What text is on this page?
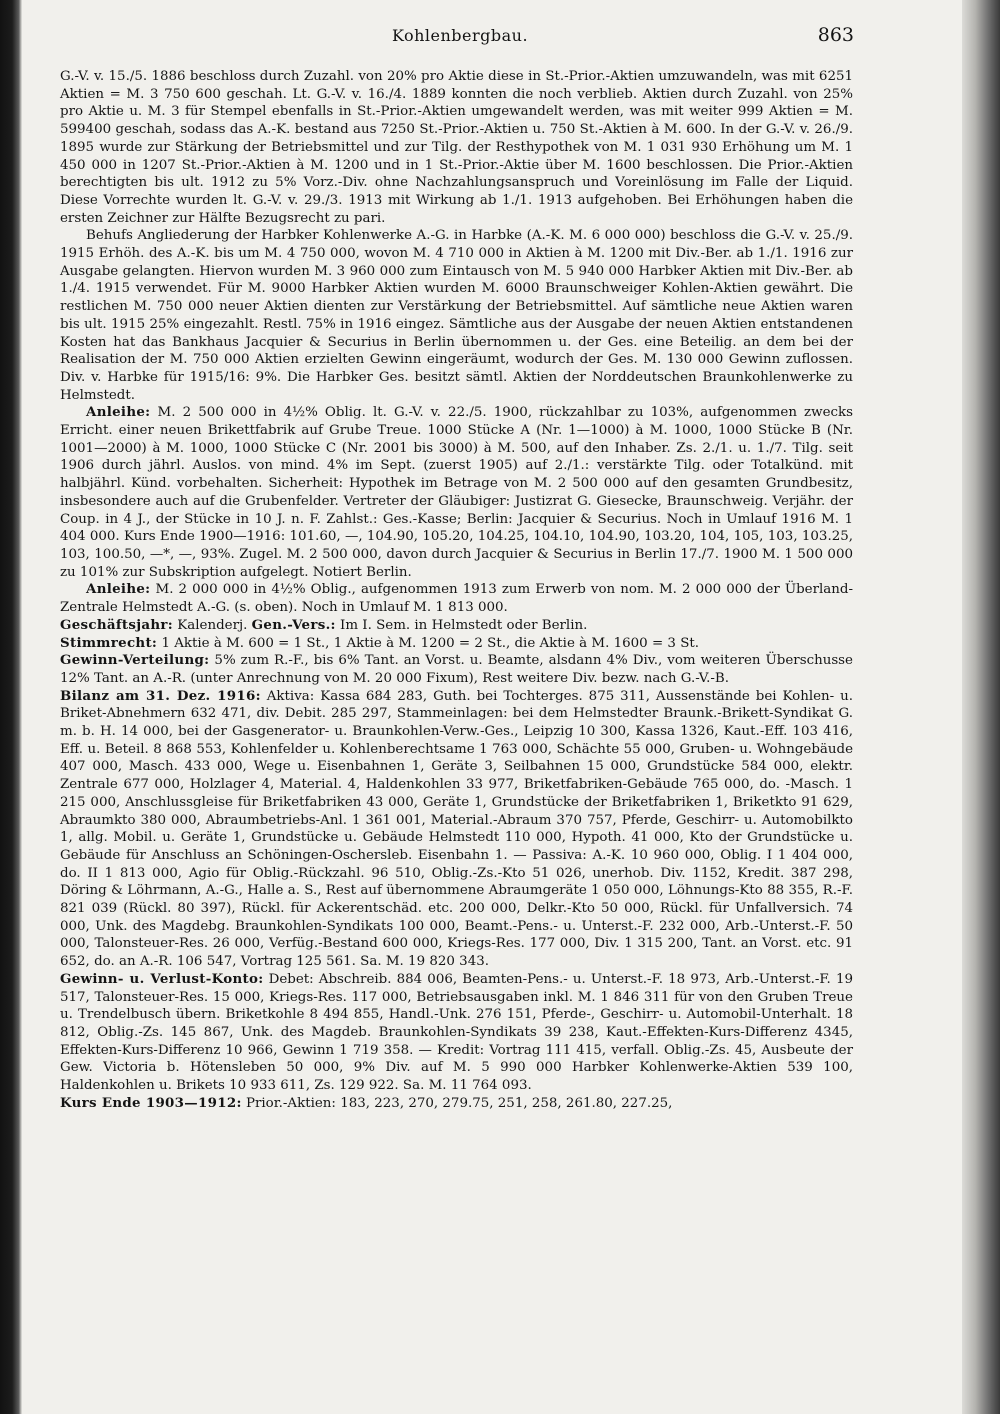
Kohlenbergbau.	863

G.-V. v. 15./5. 1886 beschloss durch Zuzahl. von 20% pro Aktie diese in St.-Prior.-Aktien umzuwandeln, was mit 6251 Aktien = M. 3 750 600 geschah. Lt. G.-V. v. 16./4. 1889 konnten die noch verblieb. Aktien durch Zuzahl. von 25% pro Aktie u. M. 3 für Stempel ebenfalls in St.-Prior.-Aktien umgewandelt werden, was mit weiter 999 Aktien = M. 599400 geschah, sodass das A.-K. bestand aus 7250 St.-Prior.-Aktien u. 750 St.-Aktien à M. 600. In der G.-V. v. 26./9. 1895 wurde zur Stärkung der Betriebsmittel und zur Tilg. der Resthypothek von M. 1 031 930 Erhöhung um M. 1 450 000 in 1207 St.-Prior.-Aktien à M. 1200 und in 1 St.-Prior.-Aktie über M. 1600 beschlossen. Die Prior.-Aktien berechtigten bis ult. 1912 zu 5% Vorz.-Div. ohne Nachzahlungsanspruch und Voreinlösung im Falle der Liquid. Diese Vorrechte wurden lt. G.-V. v. 29./3. 1913 mit Wirkung ab 1./1. 1913 aufgehoben. Bei Erhöhungen haben die ersten Zeichner zur Hälfte Bezugsrecht zu pari.

Behufs Angliederung der Harbker Kohlenwerke A.-G. in Harbke (A.-K. M. 6 000 000) beschloss die G.-V. v. 25./9. 1915 Erhöh. des A.-K. bis um M. 4 750 000, wovon M. 4 710 000 in Aktien à M. 1200 mit Div.-Ber. ab 1./1. 1916 zur Ausgabe gelangten. Hiervon wurden M. 3 960 000 zum Eintausch von M. 5 940 000 Harbker Aktien mit Div.-Ber. ab 1./4. 1915 verwendet. Für M. 9000 Harbker Aktien wurden M. 6000 Braunschweiger Kohlen-Aktien gewährt. Die restlichen M. 750 000 neuer Aktien dienten zur Verstärkung der Betriebsmittel. Auf sämtliche neue Aktien waren bis ult. 1915 25% eingezahlt. Restl. 75% in 1916 eingez. Sämtliche aus der Ausgabe der neuen Aktien entstandenen Kosten hat das Bankhaus Jacquier & Securius in Berlin übernommen u. der Ges. eine Beteilig. an dem bei der Realisation der M. 750 000 Aktien erzielten Gewinn eingeräumt, wodurch der Ges. M. 130 000 Gewinn zuflossen. Div. v. Harbke für 1915/16: 9%. Die Harbker Ges. besitzt sämtl. Aktien der Norddeutschen Braunkohlenwerke zu Helmstedt.

Anleihe: M. 2 500 000 in 4½% Oblig. lt. G.-V. v. 22./5. 1900, rückzahlbar zu 103%, aufgenommen zwecks Erricht. einer neuen Brikettfabrik auf Grube Treue. 1000 Stücke A (Nr. 1—1000) à M. 1000, 1000 Stücke B (Nr. 1001—2000) à M. 1000, 1000 Stücke C (Nr. 2001 bis 3000) à M. 500, auf den Inhaber. Zs. 2./1. u. 1./7. Tilg. seit 1906 durch jährl. Auslos. von mind. 4% im Sept. (zuerst 1905) auf 2./1.: verstärkte Tilg. oder Totalkünd. mit halbjährl. Künd. vorbehalten. Sicherheit: Hypothek im Betrage von M. 2 500 000 auf den gesamten Grundbesitz, insbesondere auch auf die Grubenfelder. Vertreter der Gläubiger: Justizrat G. Giesecke, Braunschweig. Verjähr. der Coup. in 4 J., der Stücke in 10 J. n. F. Zahlst.: Ges.-Kasse; Berlin: Jacquier & Securius. Noch in Umlauf 1916 M. 1 404 000. Kurs Ende 1900—1916: 101.60, —, 104.90, 105.20, 104.25, 104.10, 104.90, 103.20, 104, 105, 103, 103.25, 103, 100.50, —*, —, 93%. Zugel. M. 2 500 000, davon durch Jacquier & Securius in Berlin 17./7. 1900 M. 1 500 000 zu 101% zur Subskription aufgelegt. Notiert Berlin.

Anleihe: M. 2 000 000 in 4½% Oblig., aufgenommen 1913 zum Erwerb von nom. M. 2 000 000 der Überland-Zentrale Helmstedt A.-G. (s. oben). Noch in Umlauf M. 1 813 000.

Geschäftsjahr: Kalenderj. Gen.-Vers.: Im I. Sem. in Helmstedt oder Berlin.

Stimmrecht: 1 Aktie à M. 600 = 1 St., 1 Aktie à M. 1200 = 2 St., die Aktie à M. 1600 = 3 St.

Gewinn-Verteilung: 5% zum R.-F., bis 6% Tant. an Vorst. u. Beamte, alsdann 4% Div., vom weiteren Überschusse 12% Tant. an A.-R. (unter Anrechnung von M. 20 000 Fixum), Rest weitere Div. bezw. nach G.-V.-B.

Bilanz am 31. Dez. 1916: Aktiva: Kassa 684 283, Guth. bei Tochterges. 875 311, Aussenstände bei Kohlen- u. Briket-Abnehmern 632 471, div. Debit. 285 297, Stammeinlagen: bei dem Helmstedter Braunk.-Brikett-Syndikat G. m. b. H. 14 000, bei der Gasgenerator- u. Braunkohlen-Verw.-Ges., Leipzig 10 300, Kassa 1326, Kaut.-Eff. 103 416, Eff. u. Beteil. 8 868 553, Kohlenfelder u. Kohlenberechtsame 1 763 000, Schächte 55 000, Gruben- u. Wohngebäude 407 000, Masch. 433 000, Wege u. Eisenbahnen 1, Geräte 3, Seilbahnen 15 000, Grundstücke 584 000, elektr. Zentrale 677 000, Holzlager 4, Material. 4, Haldenkohlen 33 977, Briketfabriken-Gebäude 765 000, do. -Masch. 1 215 000, Anschlussgleise für Briketfabriken 43 000, Geräte 1, Grundstücke der Briketfabriken 1, Briketkto 91 629, Abraumkto 380 000, Abraumbetriebs-Anl. 1 361 001, Material.-Abraum 370 757, Pferde, Geschirr- u. Automobilkto 1, allg. Mobil. u. Geräte 1, Grundstücke u. Gebäude Helmstedt 110 000, Hypoth. 41 000, Kto der Grundstücke u. Gebäude für Anschluss an Schöningen-Oschersleb. Eisenbahn 1. — Passiva: A.-K. 10 960 000, Oblig. I 1 404 000, do. II 1 813 000, Agio für Oblig.-Rückzahl. 96 510, Oblig.-Zs.-Kto 51 026, unerhob. Div. 1152, Kredit. 387 298, Döring & Löhrmann, A.-G., Halle a. S., Rest auf übernommene Abraumgeräte 1 050 000, Löhnungs-Kto 88 355, R.-F. 821 039 (Rückl. 80 397), Rückl. für Ackerentschäd. etc. 200 000, Delkr.-Kto 50 000, Rückl. für Unfallversich. 74 000, Unk. des Magdebg. Braunkohlen-Syndikats 100 000, Beamt.-Pens.- u. Unterst.-F. 232 000, Arb.-Unterst.-F. 50 000, Talonsteuer-Res. 26 000, Verfüg.-Bestand 600 000, Kriegs-Res. 177 000, Div. 1 315 200, Tant. an Vorst. etc. 91 652, do. an A.-R. 106 547, Vortrag 125 561. Sa. M. 19 820 343.

Gewinn- u. Verlust-Konto: Debet: Abschreib. 884 006, Beamten-Pens.- u. Unterst.-F. 18 973, Arb.-Unterst.-F. 19 517, Talonsteuer-Res. 15 000, Kriegs-Res. 117 000, Betriebsausgaben inkl. M. 1 846 311 für von den Gruben Treue u. Trendelbusch übern. Briketkohle 8 494 855, Handl.-Unk. 276 151, Pferde-, Geschirr- u. Automobil-Unterhalt. 18 812, Oblig.-Zs. 145 867, Unk. des Magdeb. Braunkohlen-Syndikats 39 238, Kaut.-Effekten-Kurs-Differenz 4345, Effekten-Kurs-Differenz 10 966, Gewinn 1 719 358. — Kredit: Vortrag 111 415, verfall. Oblig.-Zs. 45, Ausbeute der Gew. Victoria b. Hötensleben 50 000, 9% Div. auf M. 5 990 000 Harbker Kohlenwerke-Aktien 539 100, Haldenkohlen u. Brikets 10 933 611, Zs. 129 922. Sa. M. 11 764 093.

Kurs Ende 1903—1912: Prior.-Aktien: 183, 223, 270, 279.75, 251, 258, 261.80, 227.25,
